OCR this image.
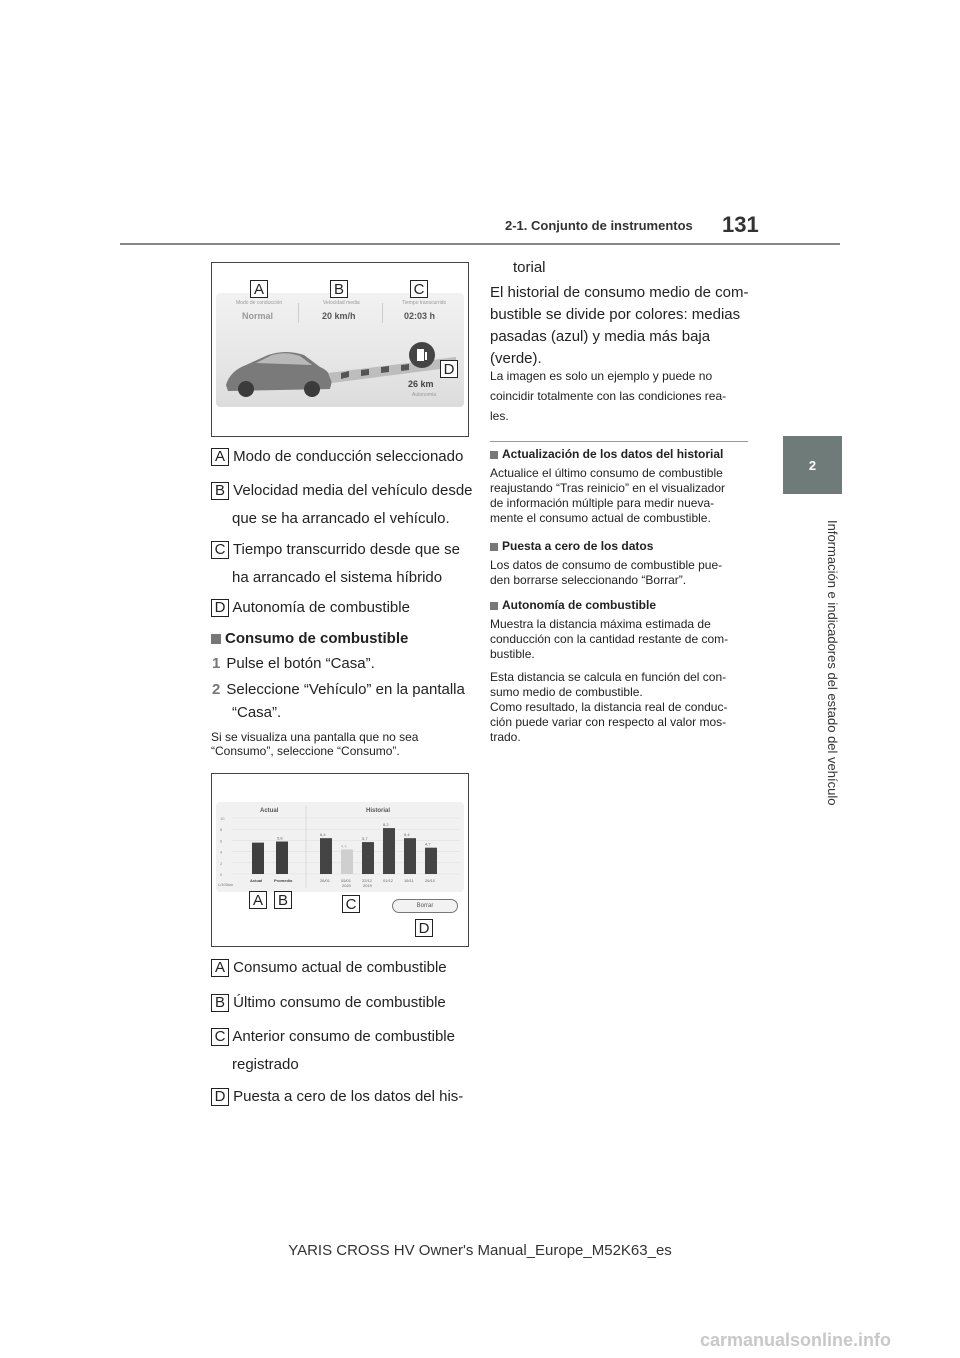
2-1. Conjunto de instrumentos 131
2
Información e indicadores del estado del vehículo
Modo de conducción
Normal
Velocidad media
20 km/h
Tiempo transcurrido
02:03 h
26 km
Autonomía
A	B	C
D
A Modo de conducción seleccionado
B Velocidad media del vehículo desde
que se ha arrancado el vehículo.
C Tiempo transcurrido desde que se
ha arrancado el sistema híbrido
D Autonomía de combustible
Consumo de combustible
1 Pulse el botón “Casa”.
2 Seleccione “Vehículo” en la pantalla
“Casa”.
Si se visualiza una pantalla que no sea
“Consumo”, seleccione “Consumo”.
Actual	Historial
10
8
6
4
2
0
L/100km
Actual
5,8
Promedio
6,4
26/01
4,4
05/01
2020
5,7
22/12
2019
8,2
01/12
6,4
16/11
4,7
26/10
Borrar
A B	C
D
A Consumo actual de combustible
B Último consumo de combustible
C Anterior consumo de combustible
registrado
D Puesta a cero de los datos del his-
torial
El historial de consumo medio de com-
bustible se divide por colores: medias
pasadas (azul) y media más baja
(verde).
La imagen es solo un ejemplo y puede no
coincidir totalmente con las condiciones rea-
les.
Actualización de los datos del historial
Actualice el último consumo de combustible
reajustando “Tras reinicio” en el visualizador
de información múltiple para medir nueva-
mente el consumo actual de combustible.
Puesta a cero de los datos
Los datos de consumo de combustible pue-
den borrarse seleccionando “Borrar”.
Autonomía de combustible
Muestra la distancia máxima estimada de
conducción con la cantidad restante de com-
bustible.
Esta distancia se calcula en función del con-
sumo medio de combustible.
Como resultado, la distancia real de conduc-
ción puede variar con respecto al valor mos-
trado.
YARIS CROSS HV Owner's Manual_Europe_M52K63_es
carmanualsonline.info
